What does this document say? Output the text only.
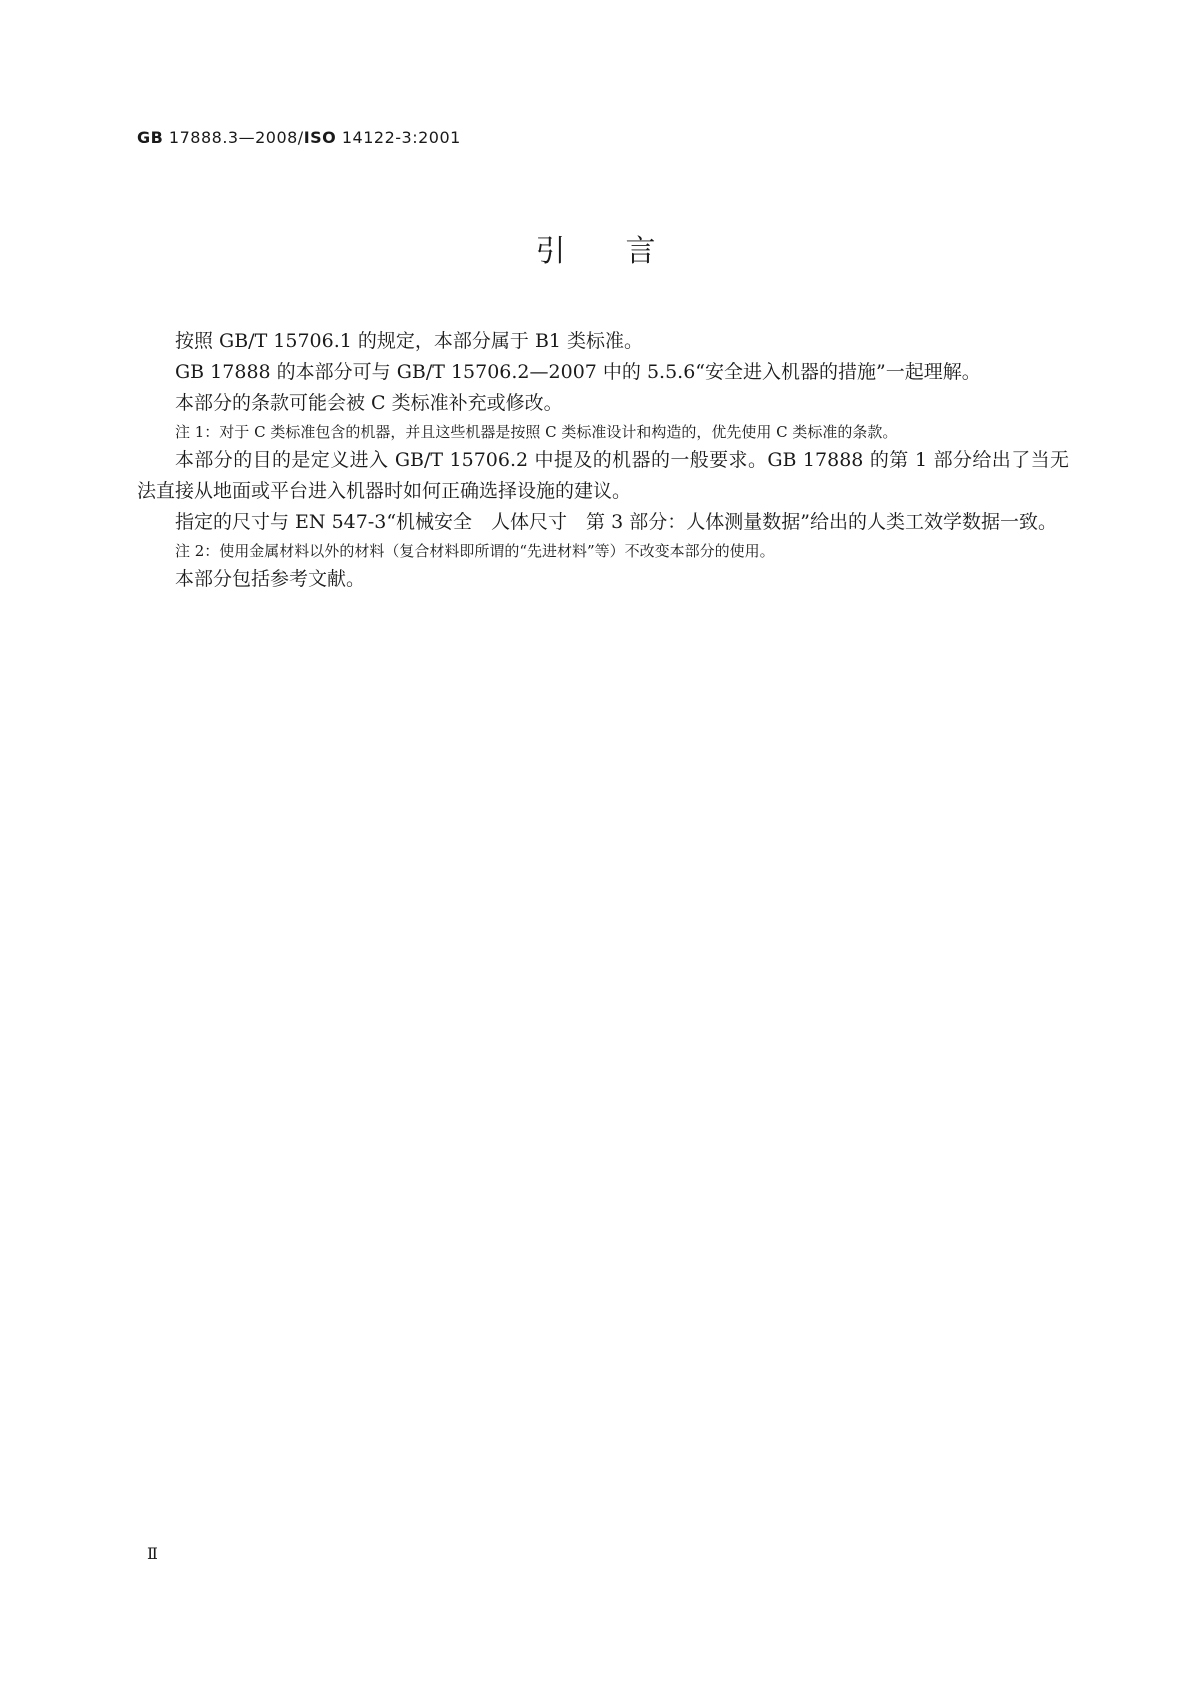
GB 17888.3—2008/ISO 14122-3:2001
引言

按照 GB/T 15706.1 的规定，本部分属于 B1 类标准。

GB 17888 的本部分可与 GB/T 15706.2—2007 中的 5.5.6“安全进入机器的措施”一起理解。

本部分的条款可能会被 C 类标准补充或修改。

注 1：对于 C 类标准包含的机器，并且这些机器是按照 C 类标准设计和构造的，优先使用 C 类标准的条款。

本部分的目的是定义进入 GB/T 15706.2 中提及的机器的一般要求。GB 17888 的第 1 部分给出了当无法直接从地面或平台进入机器时如何正确选择设施的建议。

指定的尺寸与 EN 547-3“机械安全　人体尺寸　第 3 部分：人体测量数据”给出的人类工效学数据一致。

注 2：使用金属材料以外的材料（复合材料即所谓的“先进材料”等）不改变本部分的使用。

本部分包括参考文献。

Ⅱ
